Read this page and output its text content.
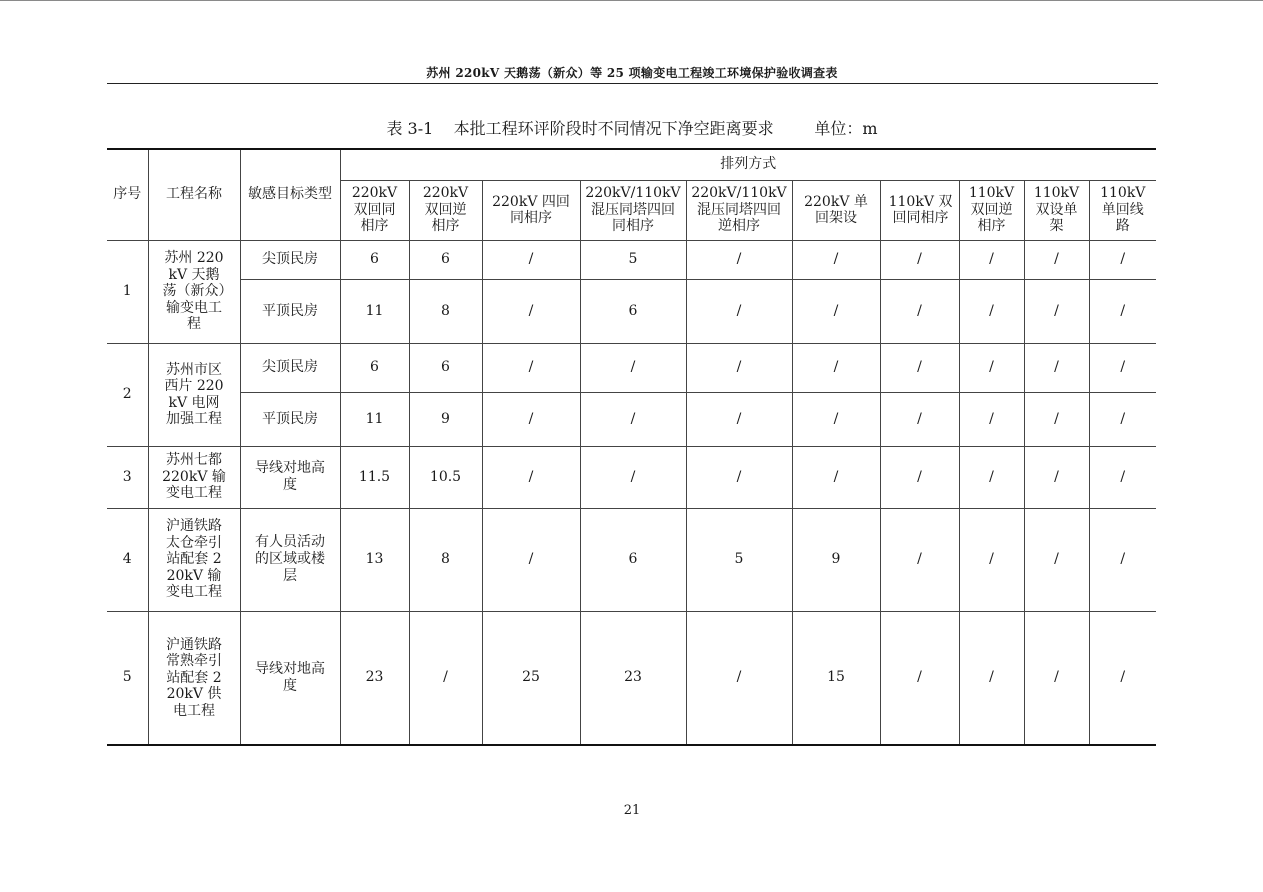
苏州 220kV 天鹅荡（新众）等 25 项输变电工程竣工环境保护验收调查表
表 3-1    本批工程环评阶段时不同情况下净空距离要求        单位：m
序号	工程名称	敏感目标类型	排列方式									

			220kV 双回同相序	220kV 双回逆相序	220kV 四回同相序	220kV/110kV 混压同塔四回同相序	220kV/110kV 混压同塔四回逆相序	220kV 单回架设	110kV 双回同相序	110kV 双回逆相序	110kV 双设单架	110kV 单回线路

1	苏州 220kV 天鹅荡（新众）输变电工程	尖顶民房	6	6	/	5	/	/	/	/	/	/
		平顶民房	11	8	/	6	/	/	/	/	/	/
2	苏州市区西片 220kV 电网加强工程	尖顶民房	6	6	/	/	/	/	/	/	/	/
		平顶民房	11	9	/	/	/	/	/	/	/	/
3	苏州七都 220kV 输变电工程	导线对地高度	11.5	10.5	/	/	/	/	/	/	/	/
4	沪通铁路太仓牵引站配套 220kV 输变电工程	有人员活动的区域或楼层	13	8	/	6	5	9	/	/	/	/
5	沪通铁路常熟牵引站配套 220kV 供电工程	导线对地高度	23	/	25	23	/	15	/	/	/	/
21
